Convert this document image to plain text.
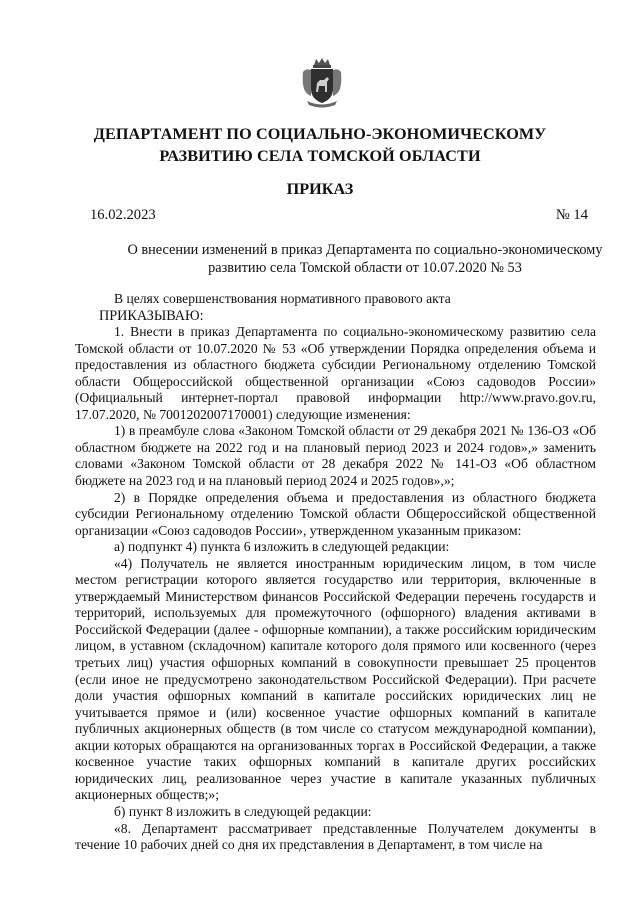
ДЕПАРТАМЕНТ ПО СОЦИАЛЬНО-ЭКОНОМИЧЕСКОМУ
РАЗВИТИЮ СЕЛА ТОМСКОЙ ОБЛАСТИ
ПРИКАЗ
16.02.2023	№ 14
О внесении изменений в приказ Департамента по социально-экономическому
развитию села Томской области от 10.07.2020 № 53

В целях совершенствования нормативного правового акта

ПРИКАЗЫВАЮ:

1. Внести в приказ Департамента по социально-экономическому развитию села Томской области от 10.07.2020 № 53 «Об утверждении Порядка определения объема и предоставления из областного бюджета субсидии Региональному отделению Томской области Общероссийской общественной организации «Союз садоводов России» (Официальный интернет-портал правовой информации http://www.pravo.gov.ru, 17.07.2020, № 7001202007170001) следующие изменения:

1) в преамбуле слова «Законом Томской области от 29 декабря 2021 № 136-ОЗ «Об областном бюджете на 2022 год и на плановый период 2023 и 2024 годов»,» заменить словами «Законом Томской области от 28 декабря 2022 № 141-ОЗ «Об областном бюджете на 2023 год и на плановый период 2024 и 2025 годов»,»;

2) в Порядке определения объема и предоставления из областного бюджета субсидии Региональному отделению Томской области Общероссийской общественной организации «Союз садоводов России», утвержденном указанным приказом:

а) подпункт 4) пункта 6 изложить в следующей редакции:

«4) Получатель не является иностранным юридическим лицом, в том числе местом регистрации которого является государство или территория, включенные в утверждаемый Министерством финансов Российской Федерации перечень государств и территорий, используемых для промежуточного (офшорного) владения активами в Российской Федерации (далее - офшорные компании), а также российским юридическим лицом, в уставном (складочном) капитале которого доля прямого или косвенного (через третьих лиц) участия офшорных компаний в совокупности превышает 25 процентов (если иное не предусмотрено законодательством Российской Федерации). При расчете доли участия офшорных компаний в капитале российских юридических лиц не учитывается прямое и (или) косвенное участие офшорных компаний в капитале публичных акционерных обществ (в том числе со статусом международной компании), акции которых обращаются на организованных торгах в Российской Федерации, а также косвенное участие таких офшорных компаний в капитале других российских юридических лиц, реализованное через участие в капитале указанных публичных акционерных обществ;»;

б) пункт 8 изложить в следующей редакции:

«8. Департамент рассматривает представленные Получателем документы в течение 10 рабочих дней со дня их представления в Департамент, в том числе на
